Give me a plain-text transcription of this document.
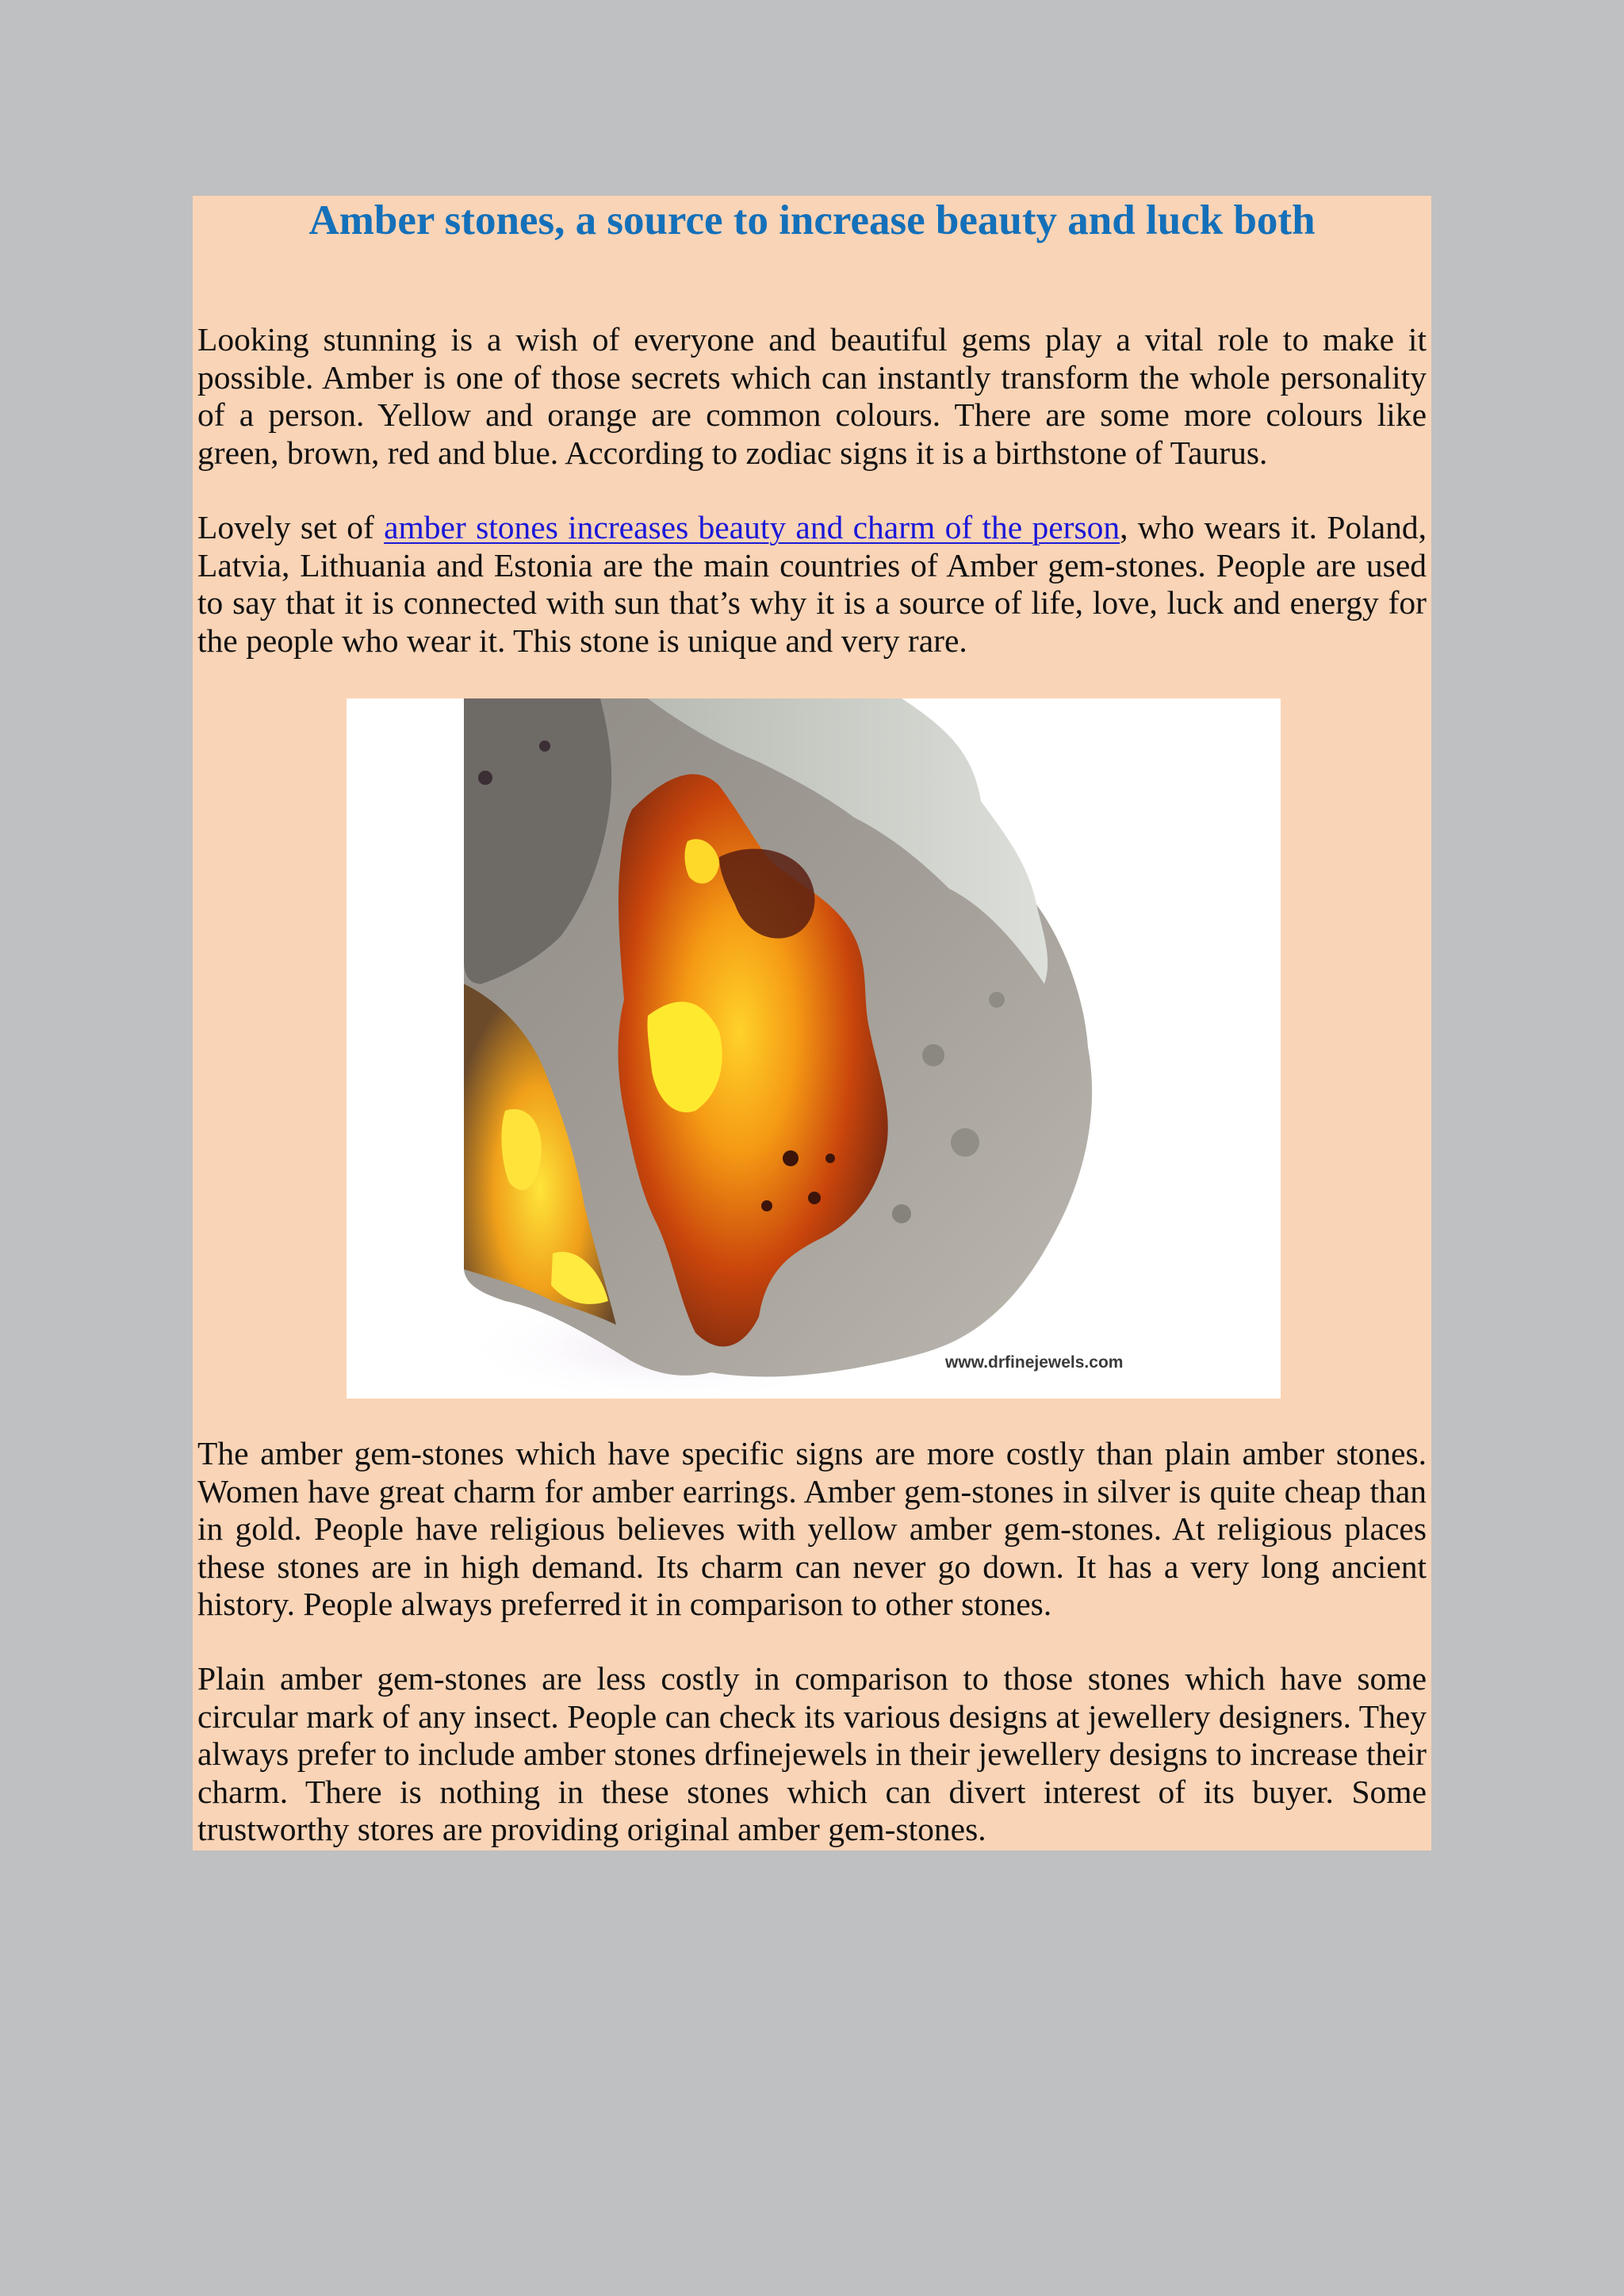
Amber stones, a source to increase beauty and luck both

Looking stunning is a wish of everyone and beautiful gems play a vital role to make it possible. Amber is one of those secrets which can instantly transform the whole personality of a person. Yellow and orange are common colours. There are some more colours like green, brown, red and blue. According to zodiac signs it is a birthstone of Taurus.

Lovely set of amber stones increases beauty and charm of the person, who wears it. Poland, Latvia, Lithuania and Estonia are the main countries of Amber gem-stones. People are used to say that it is connected with sun that’s why it is a source of life, love, luck and energy for the people who wear it. This stone is unique and very rare.

www.drfinejewels.com

The amber gem-stones which have specific signs are more costly than plain amber stones. Women have great charm for amber earrings. Amber gem-stones in silver is quite cheap than in gold. People have religious believes with yellow amber gem-stones. At religious places these stones are in high demand. Its charm can never go down. It has a very long ancient history. People always preferred it in comparison to other stones.

Plain amber gem-stones are less costly in comparison to those stones which have some circular mark of any insect. People can check its various designs at jewellery designers. They always prefer to include amber stones drfinejewels in their jewellery designs to increase their charm. There is nothing in these stones which can divert interest of its buyer. Some trustworthy stores are providing original amber gem-stones.
